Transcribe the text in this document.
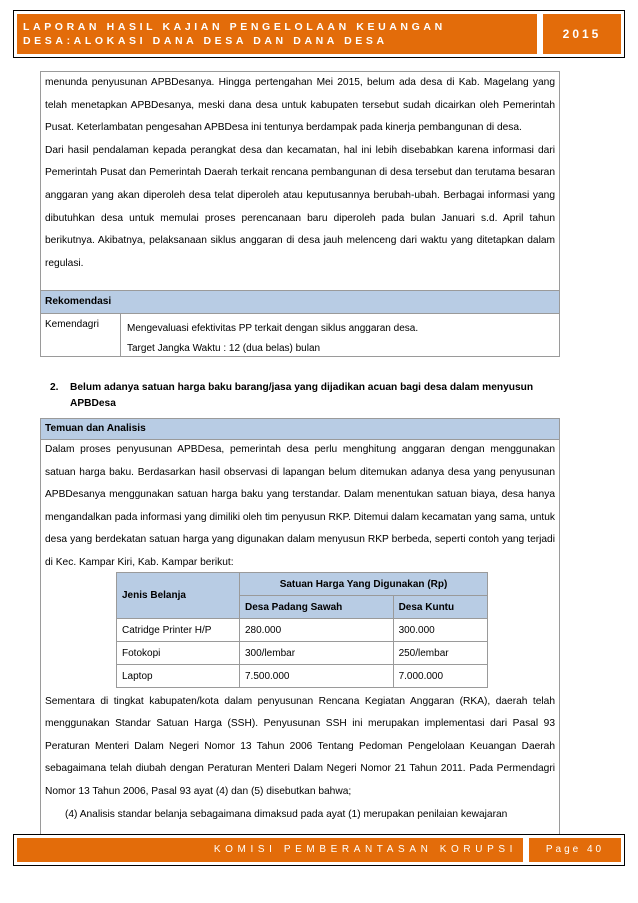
LAPORAN HASIL KAJIAN PENGELOLAAN KEUANGAN
DESA:ALOKASI DANA DESA DAN DANA DESA	2015

menunda penyusunan APBDesanya. Hingga pertengahan Mei 2015, belum ada desa di Kab. Magelang yang telah menetapkan APBDesanya, meski dana desa untuk kabupaten tersebut sudah dicairkan oleh Pemerintah Pusat. Keterlambatan pengesahan APBDesa ini tentunya berdampak pada kinerja pembangunan di desa.

Dari hasil pendalaman kepada perangkat desa dan kecamatan, hal ini lebih disebabkan karena informasi dari Pemerintah Pusat dan Pemerintah Daerah terkait rencana pembangunan di desa tersebut dan terutama besaran anggaran yang akan diperoleh desa telat diperoleh atau keputusannya berubah-ubah. Berbagai informasi yang dibutuhkan desa untuk memulai proses perencanaan baru diperoleh pada bulan Januari s.d. April tahun berikutnya. Akibatnya, pelaksanaan siklus anggaran di desa jauh melenceng dari waktu yang ditetapkan dalam regulasi.

Rekomendasi
Kemendagri	Mengevaluasi efektivitas PP terkait dengan siklus anggaran desa.
Target Jangka Waktu : 12 (dua belas) bulan
2. Belum adanya satuan harga baku barang/jasa yang dijadikan acuan bagi desa dalam menyusun APBDesa
Temuan dan Analisis

Dalam proses penyusunan APBDesa, pemerintah desa perlu menghitung anggaran dengan menggunakan satuan harga baku. Berdasarkan hasil observasi di lapangan belum ditemukan adanya desa yang penyusunan APBDesanya menggunakan satuan harga baku yang terstandar. Dalam menentukan satuan biaya, desa hanya mengandalkan pada informasi yang dimiliki oleh tim penyusun RKP. Ditemui dalam kecamatan yang sama, untuk desa yang berdekatan satuan harga yang digunakan dalam menyusun RKP berbeda, seperti contoh yang terjadi di Kec. Kampar Kiri, Kab. Kampar berikut:

Sementara di tingkat kabupaten/kota dalam penyusunan Rencana Kegiatan Anggaran (RKA), daerah telah menggunakan Standar Satuan Harga (SSH). Penyusunan SSH ini merupakan implementasi dari Pasal 93 Peraturan Menteri Dalam Negeri Nomor 13 Tahun 2006 Tentang Pedoman Pengelolaan Keuangan Daerah sebagaimana telah diubah dengan Peraturan Menteri Dalam Negeri Nomor 21 Tahun 2011. Pada Permendagri Nomor 13 Tahun 2006, Pasal 93 ayat (4) dan (5) disebutkan bahwa;

(4) Analisis standar belanja sebagaimana dimaksud pada ayat (1) merupakan penilaian kewajaran

Jenis Belanja	Satuan Harga Yang Digunakan (Rp)	
	Desa Padang Sawah	Desa Kuntu
Catridge Printer H/P	280.000	300.000
Fotokopi	300/lembar	250/lembar
Laptop	7.500.000	7.000.000
KOMISI PEMBERANTASAN KORUPSI	Page 40
